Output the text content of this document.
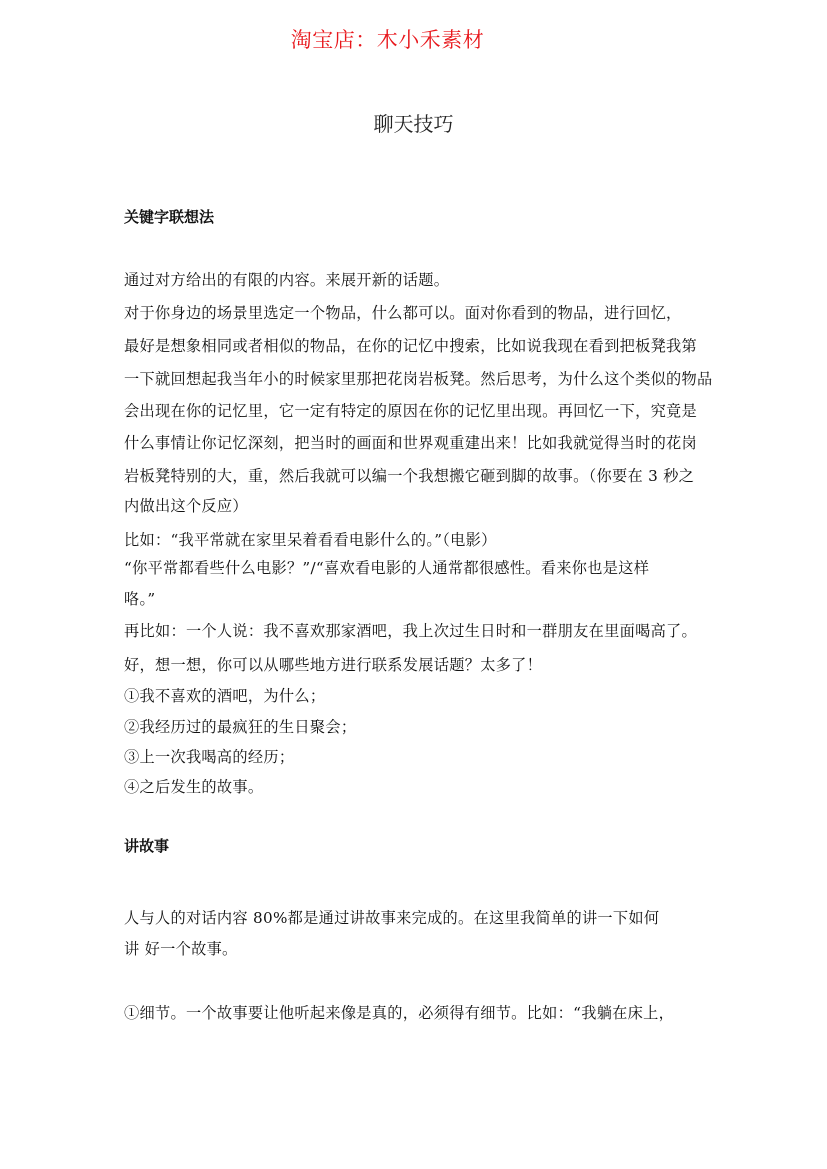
淘宝店：木小禾素材
聊天技巧
关键字联想法
通过对方给出的有限的内容。来展开新的话题。
对于你身边的场景里选定一个物品，什么都可以。面对你看到的物品，进行回忆，
最好是想象相同或者相似的物品，在你的记忆中搜索，比如说我现在看到把板凳我第
一下就回想起我当年小的时候家里那把花岗岩板凳。然后思考，为什么这个类似的物品
会出现在你的记忆里，它一定有特定的原因在你的记忆里出现。再回忆一下，究竟是
什么事情让你记忆深刻，把当时的画面和世界观重建出来！比如我就觉得当时的花岗
岩板凳特别的大，重，然后我就可以编一个我想搬它砸到脚的故事。（你要在 3 秒之
内做出这个反应）
比如：“我平常就在家里呆着看看电影什么的。”（电影）
“你平常都看些什么电影？”/“喜欢看电影的人通常都很感性。看来你也是这样
咯。”
再比如：一个人说：我不喜欢那家酒吧，我上次过生日时和一群朋友在里面喝高了。
好，想一想，你可以从哪些地方进行联系发展话题？太多了！
①我不喜欢的酒吧，为什么；
②我经历过的最疯狂的生日聚会；
③上一次我喝高的经历；
④之后发生的故事。
讲故事
人与人的对话内容 80%都是通过讲故事来完成的。在这里我简单的讲一下如何
讲 好一个故事。
①细节。一个故事要让他听起来像是真的，必须得有细节。比如：“我躺在床上，
